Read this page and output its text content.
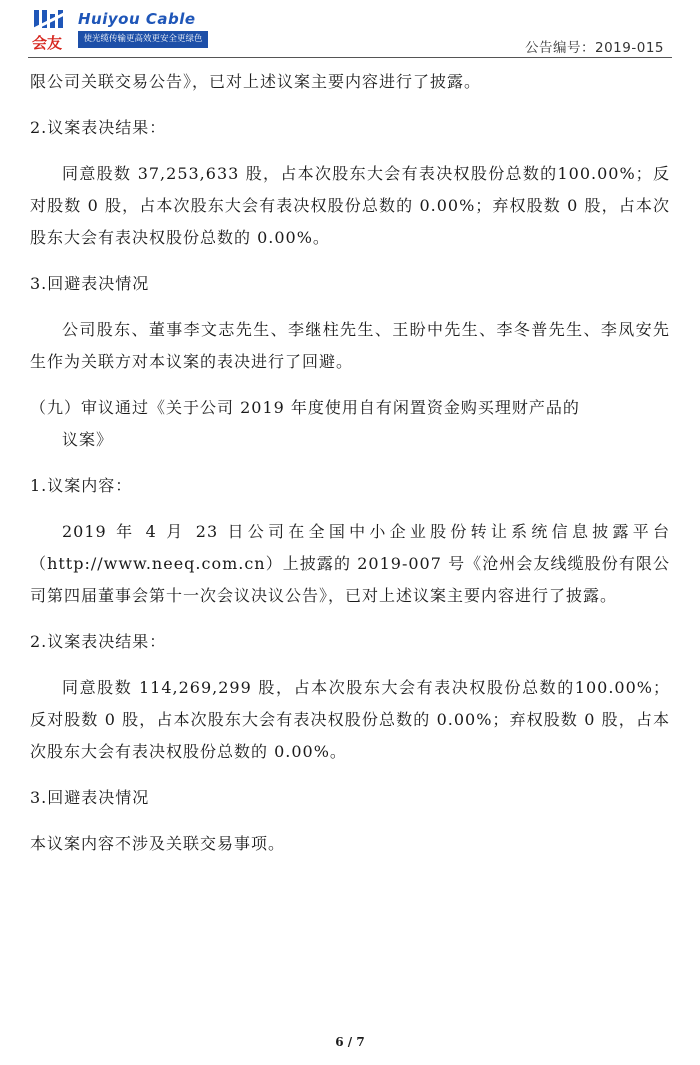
会友
Huiyou Cable
使光缆传输更高效更安全更绿色
公告编号：2019-015

限公司关联交易公告》，已对上述议案主要内容进行了披露。

2.议案表决结果：

同意股数 37,253,633 股，占本次股东大会有表决权股份总数的100.00%；反对股数 0 股，占本次股东大会有表决权股份总数的 0.00%；弃权股数 0 股，占本次股东大会有表决权股份总数的 0.00%。

3.回避表决情况

公司股东、董事李文志先生、李继柱先生、王盼中先生、李冬普先生、李凤安先生作为关联方对本议案的表决进行了回避。

（九）审议通过《关于公司 2019 年度使用自有闲置资金购买理财产品的
议案》

1.议案内容：

2019 年 4 月 23 日公司在全国中小企业股份转让系统信息披露平台（http://www.neeq.com.cn）上披露的 2019-007 号《沧州会友线缆股份有限公司第四届董事会第十一次会议决议公告》，已对上述议案主要内容进行了披露。

2.议案表决结果：

同意股数 114,269,299 股，占本次股东大会有表决权股份总数的100.00%；反对股数 0 股，占本次股东大会有表决权股份总数的 0.00%；弃权股数 0 股，占本次股东大会有表决权股份总数的 0.00%。

3.回避表决情况

本议案内容不涉及关联交易事项。

6 / 7
